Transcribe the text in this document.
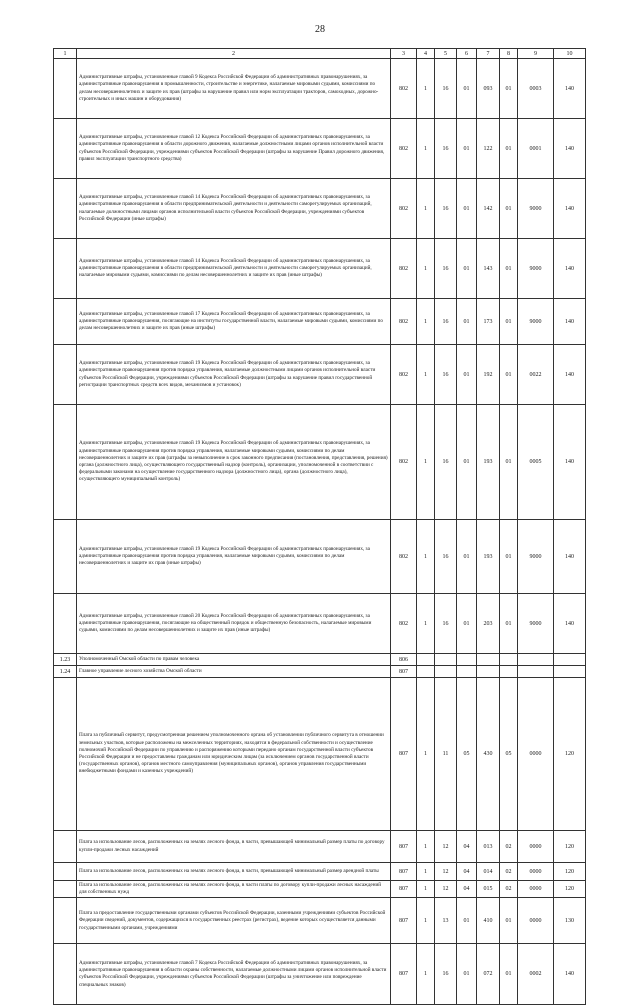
28
1	2	3	4	5	6	7	8	9	10
	Административные штрафы, установленные главой 9 Кодекса Российской Федерации об административных правонарушениях, за административные правонарушения в промышленности, строительстве и энергетике, налагаемые мировыми судьями, комиссиями по делам несовершеннолетних и защите их прав (штрафы за нарушение правил или норм эксплуатации тракторов, самоходных, дорожно-строительных и иных машин и оборудования)	802	1	16	01	093	01	0003	140
	Административные штрафы, установленные главой 12 Кодекса Российской Федерации об административных правонарушениях, за административные правонарушения в области дорожного движения, налагаемые должностными лицами органов исполнительной власти субъектов Российской Федерации, учреждениями субъектов Российской Федерации (штрафы за нарушение Правил дорожного движения, правил эксплуатации транспортного средства)	802	1	16	01	122	01	0001	140
	Административные штрафы, установленные главой 14 Кодекса Российской Федерации об административных правонарушениях, за административные правонарушения в области предпринимательской деятельности и деятельности саморегулируемых организаций, налагаемые должностными лицами органов исполнительной власти субъектов Российской Федерации, учреждениями субъектов Российской Федерации (иные штрафы)	802	1	16	01	142	01	9000	140
	Административные штрафы, установленные главой 14 Кодекса Российской Федерации об административных правонарушениях, за административные правонарушения в области предпринимательской деятельности и деятельности саморегулируемых организаций, налагаемые мировыми судьями, комиссиями по делам несовершеннолетних и защите их прав (иные штрафы)	802	1	16	01	143	01	9000	140
	Административные штрафы, установленные главой 17 Кодекса Российской Федерации об административных правонарушениях, за административные правонарушения, посягающие на институты государственной власти, налагаемые мировыми судьями, комиссиями по делам несовершеннолетних и защите их прав (иные штрафы)	802	1	16	01	173	01	9000	140
	Административные штрафы, установленные главой 19 Кодекса Российской Федерации об административных правонарушениях, за административные правонарушения против порядка управления, налагаемые должностными лицами органов исполнительной власти субъектов Российской Федерации, учреждениями субъектов Российской Федерации (штрафы за нарушение правил государственной регистрации транспортных средств всех видов, механизмов и установок)	802	1	16	01	192	01	0022	140
	Административные штрафы, установленные главой 19 Кодекса Российской Федерации об административных правонарушениях, за административные правонарушения против порядка управления, налагаемые мировыми судьями, комиссиями по делам несовершеннолетних и защите их прав (штрафы за невыполнение в срок законного предписания (постановления, представления, решения) органа (должностного лица), осуществляющего государственный надзор (контроль), организации, уполномоченной в соответствии с федеральными законами на осуществление государственного надзора (должностного лица), органа (должностного лица), осуществляющего муниципальный контроль)	802	1	16	01	193	01	0005	140
	Административные штрафы, установленные главой 19 Кодекса Российской Федерации об административных правонарушениях, за административные правонарушения против порядка управления, налагаемые мировыми судьями, комиссиями по делам несовершеннолетних и защите их прав (иные штрафы)	802	1	16	01	193	01	9000	140
	Административные штрафы, установленные главой 20 Кодекса Российской Федерации об административных правонарушениях, за административные правонарушения, посягающие на общественный порядок и общественную безопасность, налагаемые мировыми судьями, комиссиями по делам несовершеннолетних и защите их прав (иные штрафы)	802	1	16	01	203	01	9000	140
1.23	Уполномоченный Омской области по правам человека	806							
1.24	Главное управление лесного хозяйства Омской области	807							
	Плата за публичный сервитут, предусмотренная решением уполномоченного органа об установлении публичного сервитута в отношении земельных участков, которые расположены на межселенных территориях, находятся в федеральной собственности и осуществление полномочий Российской Федерации по управлению и распоряжению которыми передано органам государственной власти субъектов Российской Федерации и не предоставлены гражданам или юридическим лицам (за исключением органов государственной власти (государственных органов), органов местного самоуправления (муниципальных органов), органов управления государственными внебюджетными фондами и казенных учреждений)	807	1	11	05	430	05	0000	120
	Плата за использование лесов, расположенных на землях лесного фонда, в части, превышающей минимальный размер платы по договору купли-продажи лесных насаждений	807	1	12	04	013	02	0000	120
	Плата за использование лесов, расположенных на землях лесного фонда, в части, превышающей минимальный размер арендной платы	807	1	12	04	014	02	0000	120
	Плата за использование лесов, расположенных на землях лесного фонда, в части платы по договору купли-продажи лесных насаждений для собственных нужд	807	1	12	04	015	02	0000	120
	Плата за предоставление государственными органами субъектов Российской Федерации, казенными учреждениями субъектов Российской Федерации сведений, документов, содержащихся в государственных реестрах (регистрах), ведение которых осуществляется данными государственными органами, учреждениями	807	1	13	01	410	01	0000	130
	Административные штрафы, установленные главой 7 Кодекса Российской Федерации об административных правонарушениях, за административные правонарушения в области охраны собственности, налагаемые должностными лицами органов исполнительной власти субъектов Российской Федерации, учреждениями субъектов Российской Федерации (штрафы за уничтожение или повреждение специальных знаков)	807	1	16	01	072	01	0002	140
